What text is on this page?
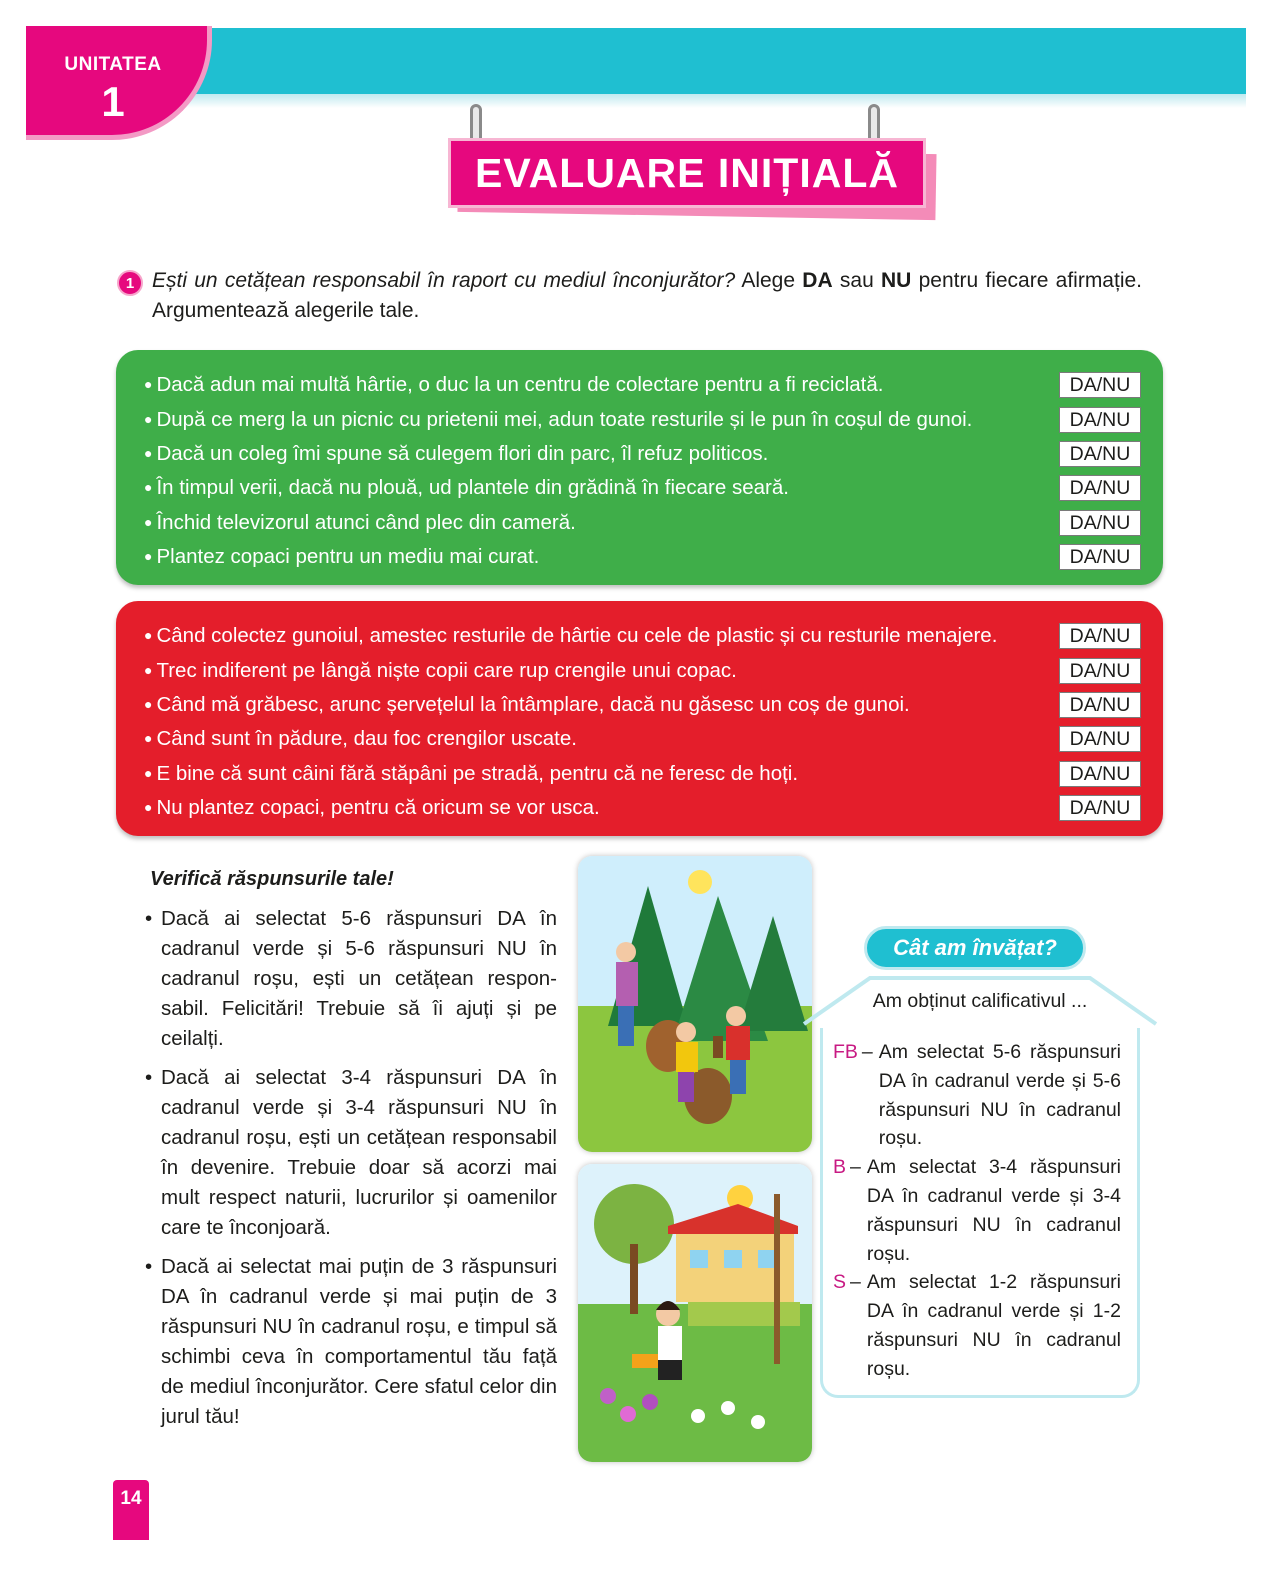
UNITATEA
1
EVALUARE INIȚIALĂ
1 Ești un cetățean responsabil în raport cu mediul înconjurător? Alege DA sau NU pentru fiecare afirmație. Argumentează alegerile tale.
● Dacă adun mai multă hârtie, o duc la un centru de colectare pentru a fi reciclată.	DA/NU
● După ce merg la un picnic cu prietenii mei, adun toate resturile și le pun în coșul de gunoi.	DA/NU
● Dacă un coleg îmi spune să culegem flori din parc, îl refuz politicos.	DA/NU
● În timpul verii, dacă nu plouă, ud plantele din grădină în fiecare seară.	DA/NU
● Închid televizorul atunci când plec din cameră.	DA/NU
● Plantez copaci pentru un mediu mai curat.	DA/NU
● Când colectez gunoiul, amestec resturile de hârtie cu cele de plastic și cu resturile menajere.	DA/NU
● Trec indiferent pe lângă niște copii care rup crengile unui copac.	DA/NU
● Când mă grăbesc, arunc șervețelul la întâmplare, dacă nu găsesc un coș de gunoi.	DA/NU
● Când sunt în pădure, dau foc crengilor uscate.	DA/NU
● E bine că sunt câini fără stăpâni pe stradă, pentru că ne feresc de hoți.	DA/NU
● Nu plantez copaci, pentru că oricum se vor usca.	DA/NU
Verifică răspunsurile tale!
• Dacă ai selectat 5-6 răspunsuri DA în cadranul verde și 5-6 răspunsuri NU în cadranul roșu, ești un cetățean responsabil. Felicitări! Trebuie să îi ajuți și pe ceilalți.
• Dacă ai selectat 3-4 răspunsuri DA în cadranul verde și 3-4 răspunsuri NU în cadranul roșu, ești un cetățean responsabil în devenire. Trebuie doar să acorzi mai mult respect naturii, lucrurilor și oamenilor care te înconjoară.
• Dacă ai selectat mai puțin de 3 răspunsuri DA în cadranul verde și mai puțin de 3 răspunsuri NU în cadranul roșu, e timpul să schimbi ceva în comportamentul tău față de mediul înconjurător. Cere sfatul celor din jurul tău!
Cât am învățat?
Am obținut calificativul ...
FB – Am selectat 5-6 răspunsuri DA în cadranul verde și 5-6 răspunsuri NU în cadranul roșu.
B – Am selectat 3-4 răspunsuri DA în cadranul verde și 3-4 răspunsuri NU în cadranul roșu.
S – Am selectat 1-2 răspunsuri DA în cadranul verde și 1-2 răspunsuri NU în cadranul roșu.
14
